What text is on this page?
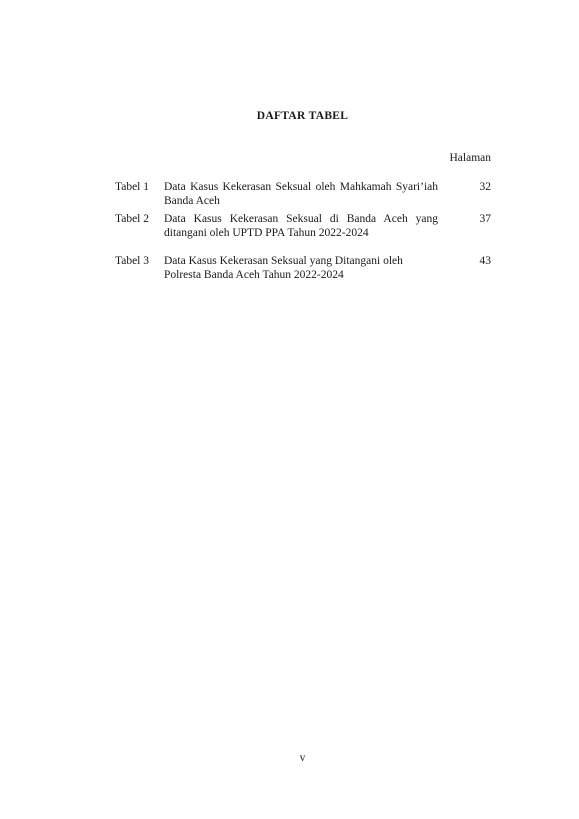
DAFTAR TABEL
Halaman
Tabel 1 Data Kasus Kekerasan Seksual oleh Mahkamah Syari’iah Banda Aceh
32
Tabel 2 Data Kasus Kekerasan Seksual di Banda Aceh yang ditangani oleh UPTD PPA Tahun 2022-2024
37
Tabel 3 Data Kasus Kekerasan Seksual yang Ditangani oleh Polresta Banda Aceh Tahun 2022-2024
43
v
